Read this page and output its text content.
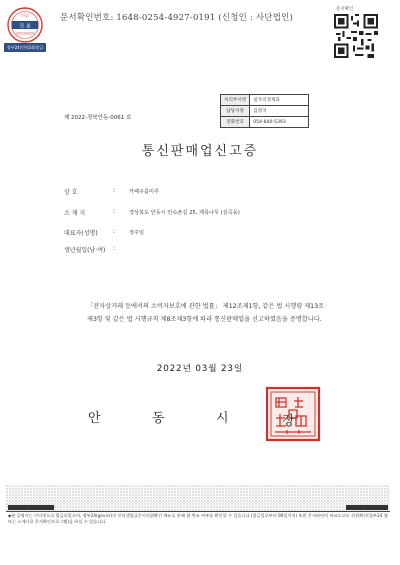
문서확인번호: 1648-0254-4927-0191 (신청인 : 사단법인)
인증
진 본
2022/04/24
정부24(민원24)발급
문서확인
처리부서명	일자리경제과
담당자명	김영지
전화번호	054-840-5393
제 2022-경북안동-0061 호
통신판매업신고증
상 호	:	카페구름미루
소 재 지	:	경상북도 안동시 안속촌길 25, 계목나무 (삼곡동)
대표자(성명)	:	정주임
생년월일(남·여) :
「전자상거래 등에서의 소비자보호에 관한 법률」 제12조제1항, 같은 법 시행령 제13조제3항 및 같은 법 시행규칙 제8조제3항에 따라 통신판매업을 신고하였음을 증명합니다.
2022년 03월 23일
안	동	시	장
◆본 증명서는 인터넷으로 발급되었으며, 정부24(gov.kr)의 인터넷발급문서진위확인 메뉴를 통해 위·변조 여부를 확인할 수 있습니다.(발급일로부터 90일까지) 또한 문서하단의 바코드로도 진위확인(정부24 앱 또는 스캐너용 문서확인프로그램)을 하실 수 있습니다.
